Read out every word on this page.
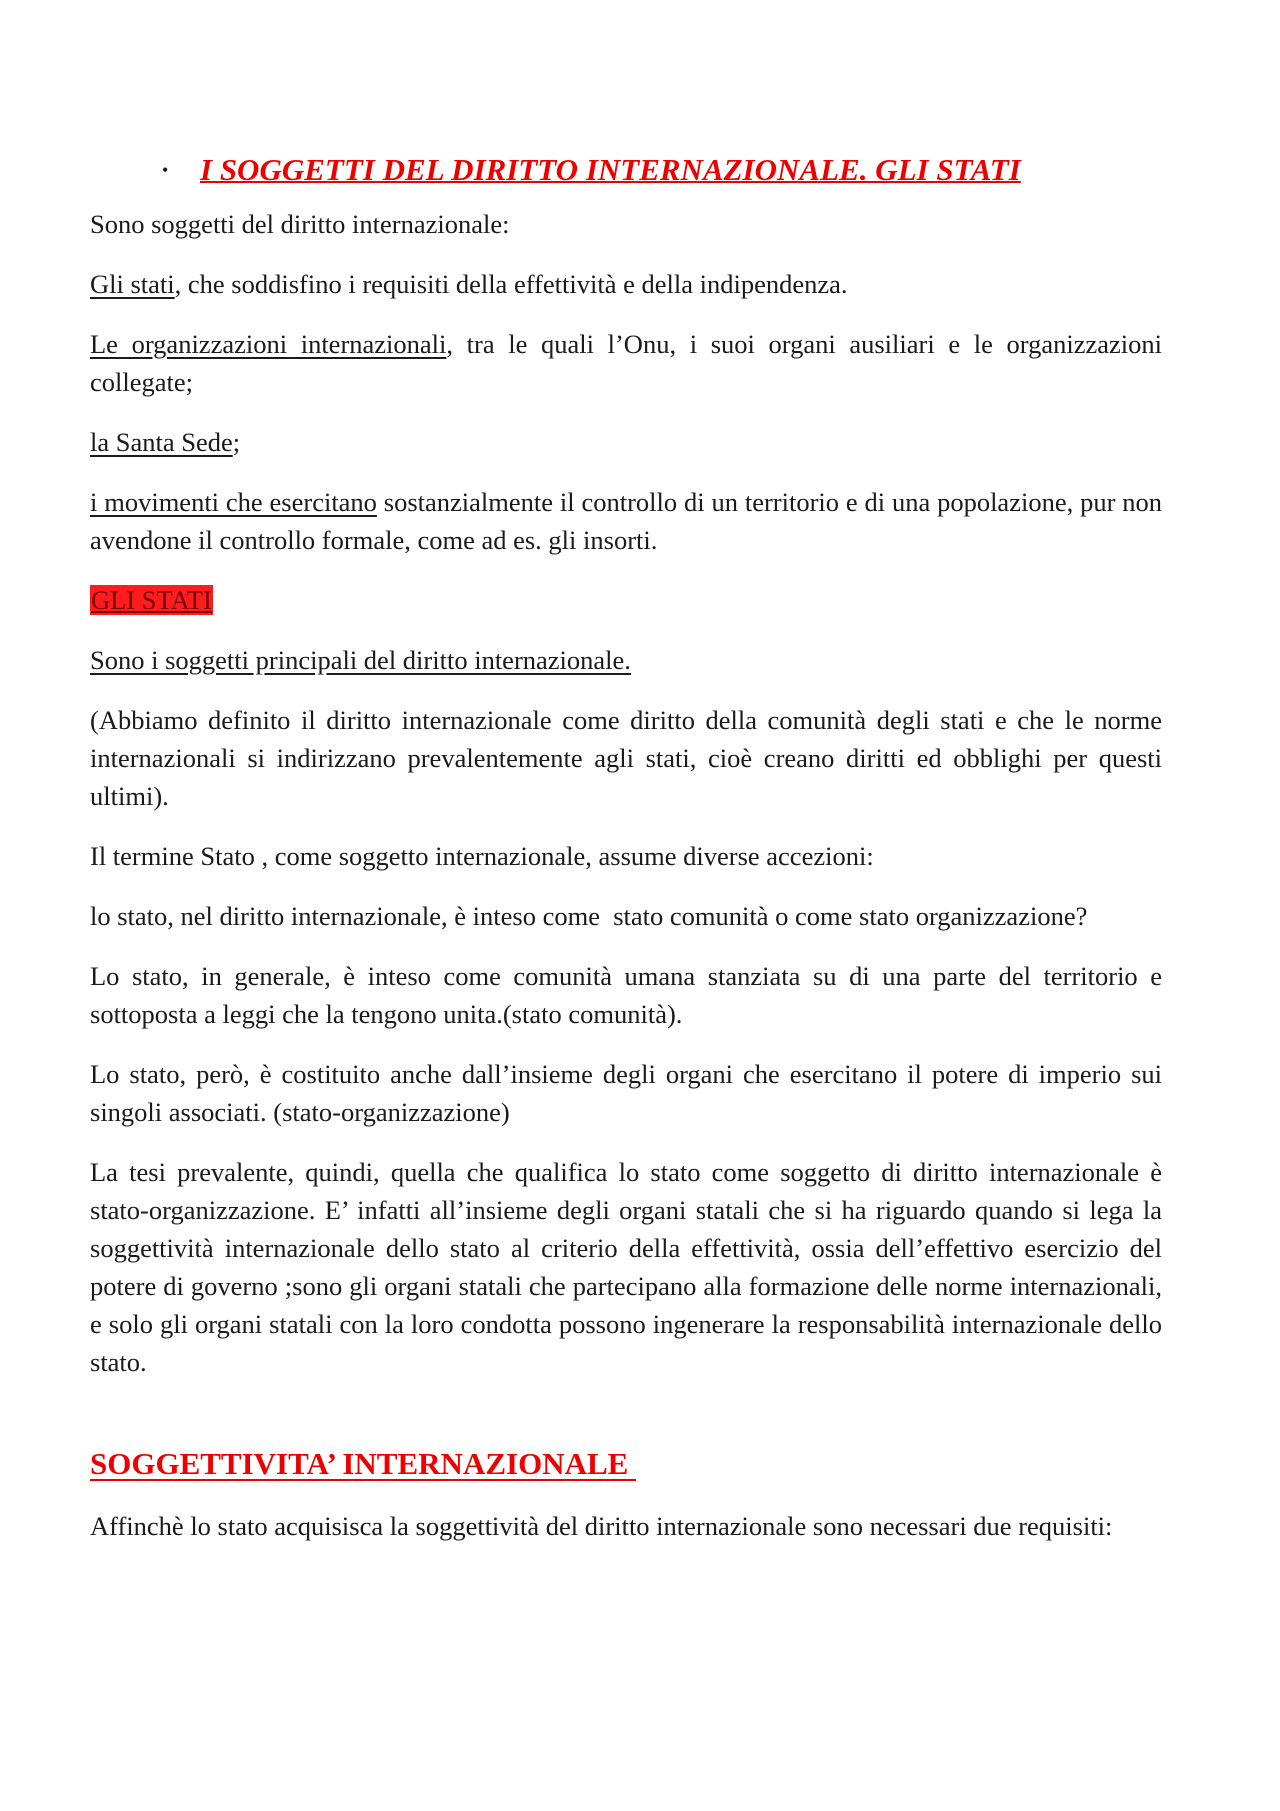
• I SOGGETTI DEL DIRITTO INTERNAZIONALE. GLI STATI

Sono soggetti del diritto internazionale:

Gli stati, che soddisfino i requisiti della effettività e della indipendenza.

Le organizzazioni internazionali, tra le quali l’Onu, i suoi organi ausiliari e le organizzazioni collegate;

la Santa Sede;

i movimenti che esercitano sostanzialmente il controllo di un territorio e di una popolazione, pur non avendone il controllo formale, come ad es. gli insorti.

GLI STATI

Sono i soggetti principali del diritto internazionale.

(Abbiamo definito il diritto internazionale come diritto della comunità degli stati e che le norme internazionali si indirizzano prevalentemente agli stati, cioè creano diritti ed obblighi per questi ultimi).

Il termine Stato , come soggetto internazionale, assume diverse accezioni:

lo stato, nel diritto internazionale, è inteso come  stato comunità o come stato organizzazione?

Lo stato, in generale, è inteso come comunità umana stanziata su di una parte del territorio e sottoposta a leggi che la tengono unita.(stato comunità).

Lo stato, però, è costituito anche dall’insieme degli organi che esercitano il potere di imperio sui singoli associati. (stato-organizzazione)

La tesi prevalente, quindi, quella che qualifica lo stato come soggetto di diritto internazionale è stato-organizzazione. E’ infatti all’insieme degli organi statali che si ha riguardo quando si lega la soggettività internazionale dello stato al criterio della effettività, ossia dell’effettivo esercizio del potere di governo ;sono gli organi statali che partecipano alla formazione delle norme internazionali, e solo gli organi statali con la loro condotta possono ingenerare la responsabilità internazionale dello stato.

SOGGETTIVITA’ INTERNAZIONALE

Affinchè lo stato acquisisca la soggettività del diritto internazionale sono necessari due requisiti:
